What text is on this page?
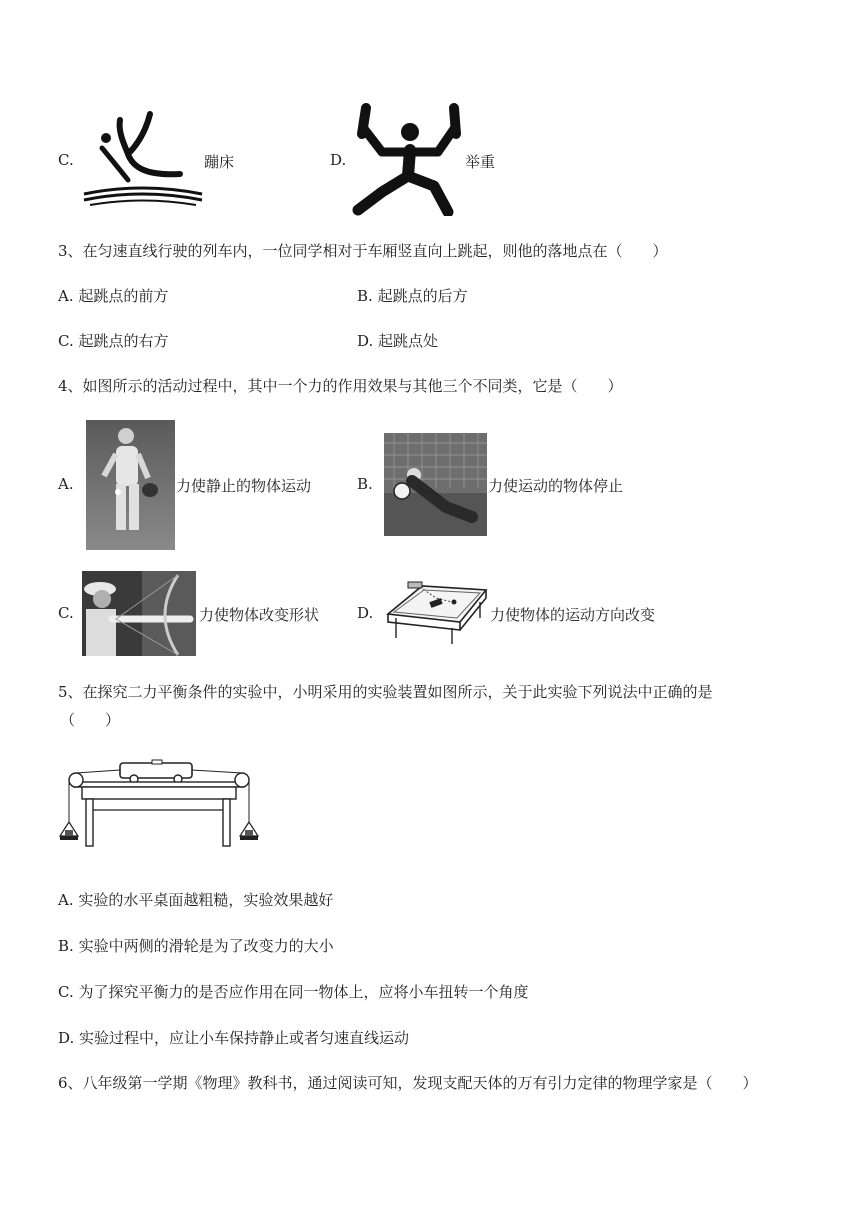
C.	蹦床	D.	举重
3、在匀速直线行驶的列车内，一位同学相对于车厢竖直向上跳起，则他的落地点在（　　）
A. 起跳点的前方	B. 起跳点的后方
C. 起跳点的右方	D. 起跳点处
4、如图所示的活动过程中，其中一个力的作用效果与其他三个不同类，它是（　　）
A.	力使静止的物体运动	B.	力使运动的物体停止
C.	力使物体改变形状	D.	力使物体的运动方向改变
5、在探究二力平衡条件的实验中，小明采用的实验装置如图所示，关于此实验下列说法中正确的是
（　　）
A. 实验的水平桌面越粗糙，实验效果越好
B. 实验中两侧的滑轮是为了改变力的大小
C. 为了探究平衡力的是否应作用在同一物体上，应将小车扭转一个角度
D. 实验过程中，应让小车保持静止或者匀速直线运动
6、八年级第一学期《物理》教科书，通过阅读可知，发现支配天体的万有引力定律的物理学家是（　　）
